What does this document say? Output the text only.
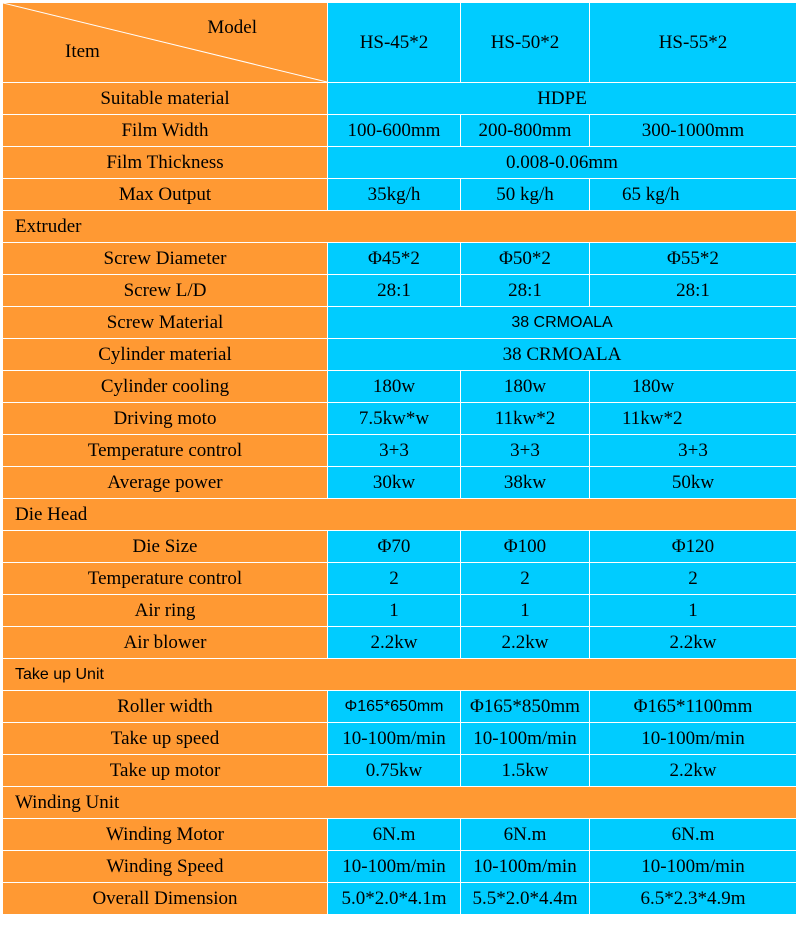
Model
Item	HS-45*2	HS-50*2	HS-55*2
Suitable material	HDPE		
Film Width	100-600mm	200-800mm	300-1000mm
Film Thickness	0.008-0.06mm		
Max Output	35kg/h	50 kg/h	65 kg/h
Extruder			
Screw Diameter	Φ45*2	Φ50*2	Φ55*2
Screw L/D	28:1	28:1	28:1
Screw Material	38 CRMOALA		
Cylinder material	38 CRMOALA		
Cylinder cooling	180w	180w	180w
Driving moto	7.5kw*w	11kw*2	11kw*2
Temperature control	3+3	3+3	3+3
Average power	30kw	38kw	50kw
Die Head			
Die Size	Φ70	Φ100	Φ120
Temperature control	2	2	2
Air ring	1	1	1
Air blower	2.2kw	2.2kw	2.2kw
Take up Unit			
Roller width	Φ165*650mm	Φ165*850mm	Φ165*1100mm
Take up speed	10-100m/min	10-100m/min	10-100m/min
Take up motor	0.75kw	1.5kw	2.2kw
Winding Unit			
Winding Motor	6N.m	6N.m	6N.m
Winding Speed	10-100m/min	10-100m/min	10-100m/min
Overall Dimension	5.0*2.0*4.1m	5.5*2.0*4.4m	6.5*2.3*4.9m
